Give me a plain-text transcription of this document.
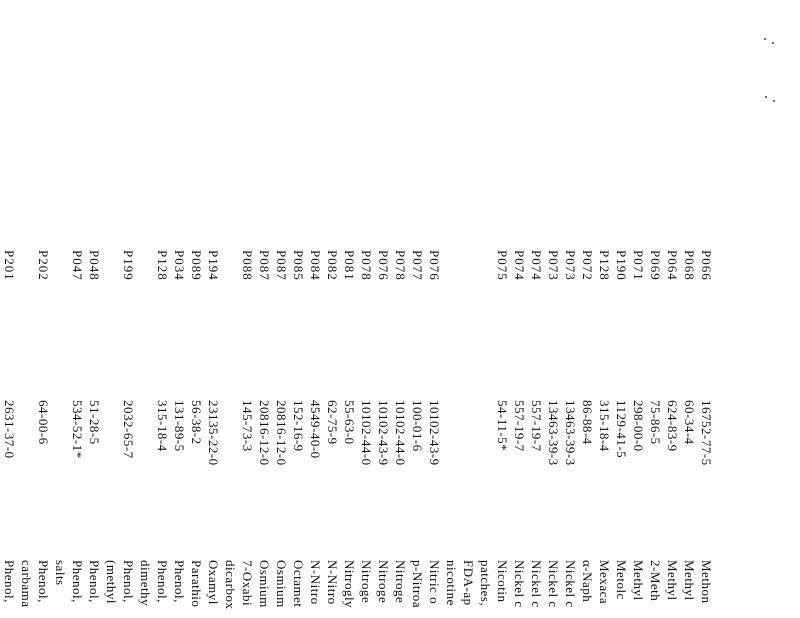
P066
P068
P064
P069
P071
P190
P128
P072
P073
P073
P074
P074
P075
P076
P077
P078
P076
P078
P081
P082
P084
P085
P087
P087
P088
P194
P089
P034
P128
P199
P048
P047
P202
P201
16752-77-5
60-34-4
624-83-9
75-86-5
298-00-0
1129-41-5
315-18-4
86-88-4
13463-39-3
13463-39-3
557-19-7
557-19-7
54-11-5*
10102-43-9
100-01-6
10102-44-0
10102-43-9
10102-44-0
55-63-0
62-75-9
4549-40-0
152-16-9
20816-12-0
20816-12-0
145-73-3
23135-22-0
56-38-2
131-89-5
315-18-4
2032-65-7
51-28-5
534-52-1*
64-00-6
2631-37-0
Methon
Methyl
Methyl
2-Meth
Methyl
Metolc
Mexaca
α-Naph
Nickel c
Nickel c
Nickel c
Nickel c
Nicotin
patches,
FDA-ap
nicotine
Nitric o
p-Nitroa
Nitroge
Nitroge
Nitroge
Nitrogly
N-Nitro
N-Nitro
Octamet
Osmium
Osmium
7-Oxabi
dicarbox
Oxamyl
Parathio
Phenol,
Phenol,
dimethy
Phenol,
(methyl
Phenol,
Phenol,
salts
Phenol,
carbama
Phenol,
